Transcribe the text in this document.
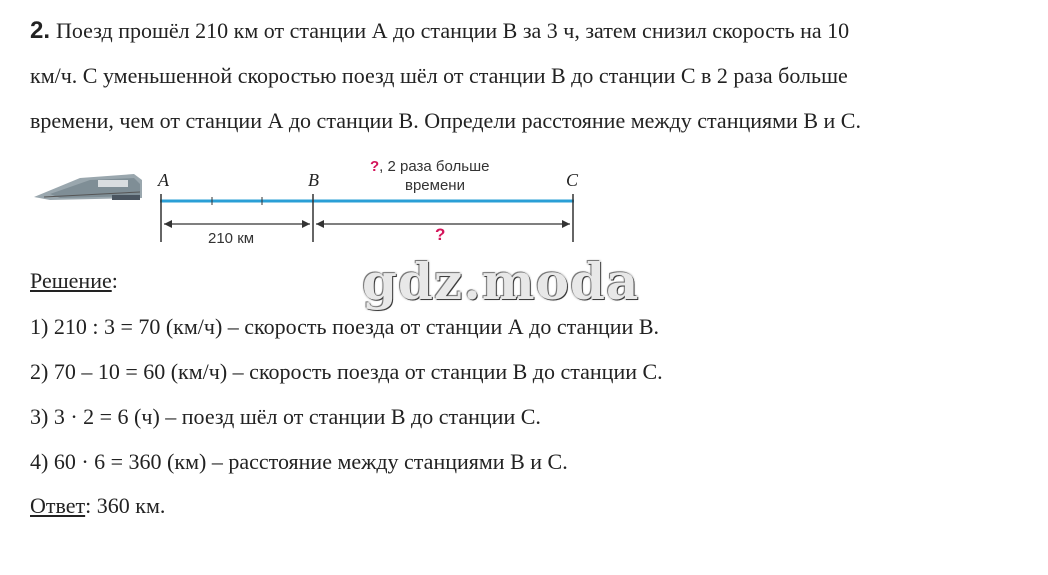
2. Поезд прошёл 210 км от станции А до станции В за 3 ч, затем снизил скорость на 10
км/ч. С уменьшенной скоростью поезд шёл от станции В до станции С в 2 раза больше
времени, чем от станции А до станции В. Определи расстояние между станциями В и С.
A	B	C
?, 2 раза больше
времени
210 км	?
gdz.moda
Решение:
1) 210 : 3 = 70 (км/ч) – скорость поезда от станции А до станции В.
2) 70 – 10 = 60 (км/ч) – скорость поезда от станции В до станции С.
3) 3 · 2 = 6 (ч) – поезд шёл от станции В до станции С.
4) 60 · 6 = 360 (км) – расстояние между станциями В и С.
Ответ: 360 км.
